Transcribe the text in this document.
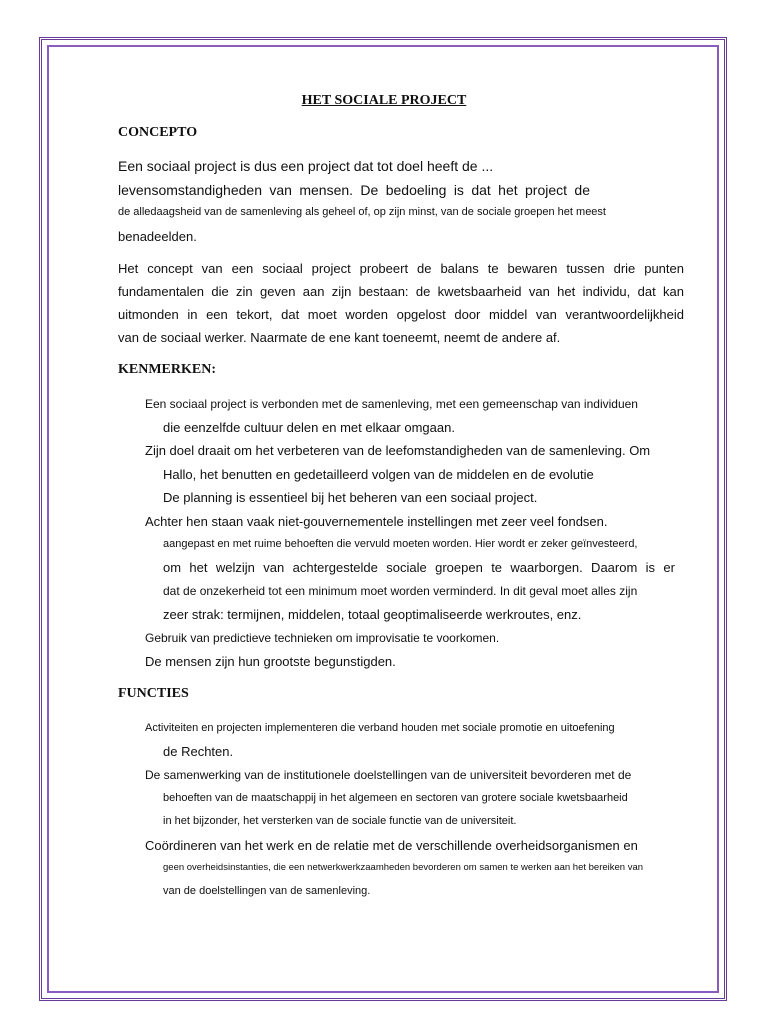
HET SOCIALE PROJECT
CONCEPTO
Een sociaal project is dus een project dat tot doel heeft de ...
levensomstandigheden van mensen. De bedoeling is dat het project de
de alledaagsheid van de samenleving als geheel of, op zijn minst, van de sociale groepen het meest
benadeelden.
Het concept van een sociaal project probeert de balans te bewaren tussen drie punten
fundamentalen die zin geven aan zijn bestaan: de kwetsbaarheid van het individu, dat kan
uitmonden in een tekort, dat moet worden opgelost door middel van verantwoordelijkheid
van de sociaal werker. Naarmate de ene kant toeneemt, neemt de andere af.
KENMERKEN:
Een sociaal project is verbonden met de samenleving, met een gemeenschap van individuen
die eenzelfde cultuur delen en met elkaar omgaan.
Zijn doel draait om het verbeteren van de leefomstandigheden van de samenleving. Om
Hallo, het benutten en gedetailleerd volgen van de middelen en de evolutie
De planning is essentieel bij het beheren van een sociaal project.
Achter hen staan vaak niet-gouvernementele instellingen met zeer veel fondsen.
aangepast en met ruime behoeften die vervuld moeten worden. Hier wordt er zeker geïnvesteerd,
om het welzijn van achtergestelde sociale groepen te waarborgen. Daarom is er
dat de onzekerheid tot een minimum moet worden verminderd. In dit geval moet alles zijn
zeer strak: termijnen, middelen, totaal geoptimaliseerde werkroutes, enz.
Gebruik van predictieve technieken om improvisatie te voorkomen.
De mensen zijn hun grootste begunstigden.
FUNCTIES
Activiteiten en projecten implementeren die verband houden met sociale promotie en uitoefening
de Rechten.
De samenwerking van de institutionele doelstellingen van de universiteit bevorderen met de
behoeften van de maatschappij in het algemeen en sectoren van grotere sociale kwetsbaarheid
in het bijzonder, het versterken van de sociale functie van de universiteit.
Coördineren van het werk en de relatie met de verschillende overheidsorganismen en
geen overheidsinstanties, die een netwerkwerkzaamheden bevorderen om samen te werken aan het bereiken van
van de doelstellingen van de samenleving.
